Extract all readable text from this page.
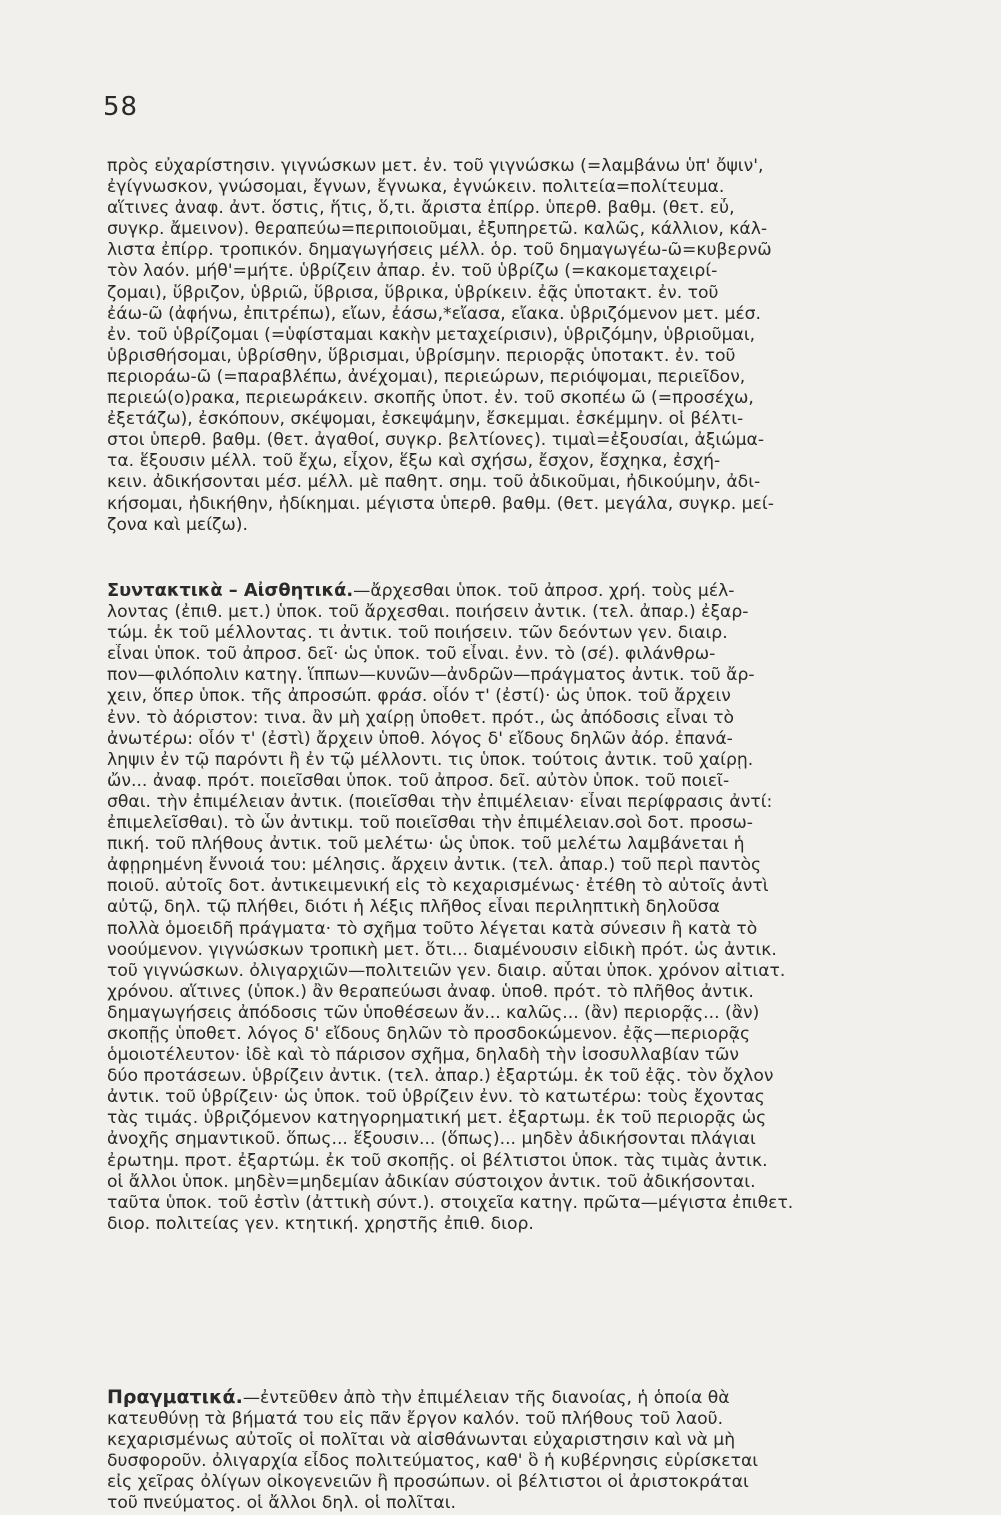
58
πρὸς εὐχαρίστησιν. γιγνώσκων μετ. ἐν. τοῦ γιγνώσκω (=λαμβάνω ὑπ' ὄψιν',
ἐγίγνωσκον, γνώσομαι, ἔγνων, ἔγνωκα, ἐγνώκειν. πολιτεία=πολίτευμα.
αἵτινες ἀναφ. ἀντ. ὅστις, ἥτις, ὅ,τι. ἄριστα ἐπίρρ. ὑπερθ. βαθμ. (θετ. εὖ,
συγκρ. ἄμεινον). θεραπεύω=περιποιοῦμαι, ἐξυπηρετῶ. καλῶς, κάλλιον, κάλ-
λιστα ἐπίρρ. τροπικόν. δημαγωγήσεις μέλλ. ὁρ. τοῦ δημαγωγέω-ῶ=κυβερνῶ
τὸν λαόν. μήθ'=μήτε. ὑβρίζειν ἀπαρ. ἐν. τοῦ ὑβρίζω (=κακομεταχειρί-
ζομαι), ὕβριζον, ὑβριῶ, ὕβρισα, ὕβρικα, ὑβρίκειν. ἐᾷς ὑποτακτ. ἐν. τοῦ
ἐάω-ῶ (ἀφήνω, ἐπιτρέπω), εἴων, ἐάσω,*εἴασα, εἴακα. ὑβριζόμενον μετ. μέσ.
ἐν. τοῦ ὑβρίζομαι (=ὑφίσταμαι κακὴν μεταχείρισιν), ὑβριζόμην, ὑβριοῦμαι,
ὑβρισθήσομαι, ὑβρίσθην, ὕβρισμαι, ὑβρίσμην. περιορᾷς ὑποτακτ. ἐν. τοῦ
περιοράω-ῶ (=παραβλέπω, ἀνέχομαι), περιεώρων, περιόψομαι, περιεῖδον,
περιεώ(ο)ρακα, περιεωράκειν. σκοπῆς ὑποτ. ἐν. τοῦ σκοπέω ῶ (=προσέχω,
ἐξετάζω), ἐσκόπουν, σκέψομαι, ἐσκεψάμην, ἔσκεμμαι. ἐσκέμμην. οἱ βέλτι-
στοι ὑπερθ. βαθμ. (θετ. ἀγαθοί, συγκρ. βελτίονες). τιμαὶ=ἐξουσίαι, ἀξιώμα-
τα. ἕξουσιν μέλλ. τοῦ ἔχω, εἶχον, ἕξω καὶ σχήσω, ἔσχον, ἔσχηκα, ἐσχή-
κειν. ἀδικήσονται μέσ. μέλλ. μὲ παθητ. σημ. τοῦ ἀδικοῦμαι, ἠδικούμην, ἀδι-
κήσομαι, ἠδικήθην, ἠδίκημαι. μέγιστα ὑπερθ. βαθμ. (θετ. μεγάλα, συγκρ. μεί-
ζονα καὶ μείζω).
Συντακτικὰ – Αἰσθητικά.—ἄρχεσθαι ὑποκ. τοῦ ἀπροσ. χρή. τοὺς μέλ-
λοντας (ἐπιθ. μετ.) ὑποκ. τοῦ ἄρχεσθαι. ποιήσειν ἀντικ. (τελ. ἀπαρ.) ἐξαρ-
τώμ. ἐκ τοῦ μέλλοντας. τι ἀντικ. τοῦ ποιήσειν. τῶν δεόντων γεν. διαιρ.
εἶναι ὑποκ. τοῦ ἀπροσ. δεῖ· ὡς ὑποκ. τοῦ εἶναι. ἐνν. τὸ (σέ). φιλάνθρω-
πον—φιλόπολιν κατηγ. ἵππων—κυνῶν—ἀνδρῶν—πράγματος ἀντικ. τοῦ ἄρ-
χειν, ὅπερ ὑποκ. τῆς ἀπροσώπ. φράσ. οἷόν τ' (ἐστί)· ὡς ὑποκ. τοῦ ἄρχειν
ἐνν. τὸ ἀόριστον: τινα. ἂν μὴ χαίρῃ ὑποθετ. πρότ., ὡς ἀπόδοσις εἶναι τὸ
ἀνωτέρω: οἷόν τ' (ἐστὶ) ἄρχειν ὑποθ. λόγος δ' εἴδους δηλῶν ἀόρ. ἐπανά-
ληψιν ἐν τῷ παρόντι ἢ ἐν τῷ μέλλοντι. τις ὑποκ. τούτοις ἀντικ. τοῦ χαίρῃ.
ὤν... ἀναφ. πρότ. ποιεῖσθαι ὑποκ. τοῦ ἀπροσ. δεῖ. αὐτὸν ὑποκ. τοῦ ποιεῖ-
σθαι. τὴν ἐπιμέλειαν ἀντικ. (ποιεῖσθαι τὴν ἐπιμέλειαν· εἶναι περίφρασις ἀντί:
ἐπιμελεῖσθαι). τὸ ὧν ἀντικμ. τοῦ ποιεῖσθαι τὴν ἐπιμέλειαν.σοὶ δοτ. προσω-
πική. τοῦ πλήθους ἀντικ. τοῦ μελέτω· ὡς ὑποκ. τοῦ μελέτω λαμβάνεται ἡ
ἀφῃρημένη ἔννοιά του: μέλησις. ἄρχειν ἀντικ. (τελ. ἀπαρ.) τοῦ περὶ παντὸς
ποιοῦ. αὐτοῖς δοτ. ἀντικειμενική εἰς τὸ κεχαρισμένως· ἐτέθη τὸ αὐτοῖς ἀντὶ
αὐτῷ, δηλ. τῷ πλήθει, διότι ἡ λέξις πλῆθος εἶναι περιληπτικὴ δηλοῦσα
πολλὰ ὁμοειδῆ πράγματα· τὸ σχῆμα τοῦτο λέγεται κατὰ σύνεσιν ἢ κατὰ τὸ
νοούμενον. γιγνώσκων τροπικὴ μετ. ὅτι... διαμένουσιν εἰδικὴ πρότ. ὡς ἀντικ.
τοῦ γιγνώσκων. ὀλιγαρχιῶν—πολιτειῶν γεν. διαιρ. αὗται ὑποκ. χρόνον αἰτιατ.
χρόνου. αἵτινες (ὑποκ.) ἂν θεραπεύωσι ἀναφ. ὑποθ. πρότ. τὸ πλῆθος ἀντικ.
δημαγωγήσεις ἀπόδοσις τῶν ὑποθέσεων ἄν... καλῶς... (ἂν) περιορᾷς... (ἂν)
σκοπῇς ὑποθετ. λόγος δ' εἴδους δηλῶν τὸ προσδοκώμενον. ἐᾷς—περιορᾷς
ὁμοιοτέλευτον· ἰδὲ καὶ τὸ πάρισον σχῆμα, δηλαδὴ τὴν ἰσοσυλλαβίαν τῶν
δύο προτάσεων. ὑβρίζειν ἀντικ. (τελ. ἀπαρ.) ἐξαρτώμ. ἐκ τοῦ ἐᾷς. τὸν ὄχλον
ἀντικ. τοῦ ὑβρίζειν· ὡς ὑποκ. τοῦ ὑβρίζειν ἐνν. τὸ κατωτέρω: τοὺς ἔχοντας
τὰς τιμάς. ὑβριζόμενον κατηγορηματική μετ. ἐξαρτωμ. ἐκ τοῦ περιορᾷς ὡς
ἀνοχῆς σημαντικοῦ. ὅπως... ἕξουσιν... (ὅπως)... μηδὲν ἀδικήσονται πλάγιαι
ἐρωτημ. προτ. ἐξαρτώμ. ἐκ τοῦ σκοπῇς. οἱ βέλτιστοι ὑποκ. τὰς τιμὰς ἀντικ.
οἱ ἄλλοι ὑποκ. μηδὲν=μηδεμίαν ἀδικίαν σύστοιχον ἀντικ. τοῦ ἀδικήσονται.
ταῦτα ὑποκ. τοῦ ἐστὶν (ἀττικὴ σύντ.). στοιχεῖα κατηγ. πρῶτα—μέγιστα ἐπιθετ.
διορ. πολιτείας γεν. κτητική. χρηστῆς ἐπιθ. διορ.
Πραγματικά.—ἐντεῦθεν ἀπὸ τὴν ἐπιμέλειαν τῆς διανοίας, ἡ ὁποία θὰ
κατευθύνῃ τὰ βήματά του εἰς πᾶν ἔργον καλόν. τοῦ πλήθους τοῦ λαοῦ.
κεχαρισμένως αὐτοῖς οἱ πολῖται νὰ αἰσθάνωνται εὐχαριστησιν καὶ νὰ μὴ
δυσφοροῦν. ὀλιγαρχία εἶδος πολιτεύματος, καθ' ὃ ἡ κυβέρνησις εὑρίσκεται
εἰς χεῖρας ὀλίγων οἰκογενειῶν ἢ προσώπων. οἱ βέλτιστοι οἱ ἀριστοκράται
τοῦ πνεύματος. οἱ ἄλλοι δηλ. οἱ πολῖται.
